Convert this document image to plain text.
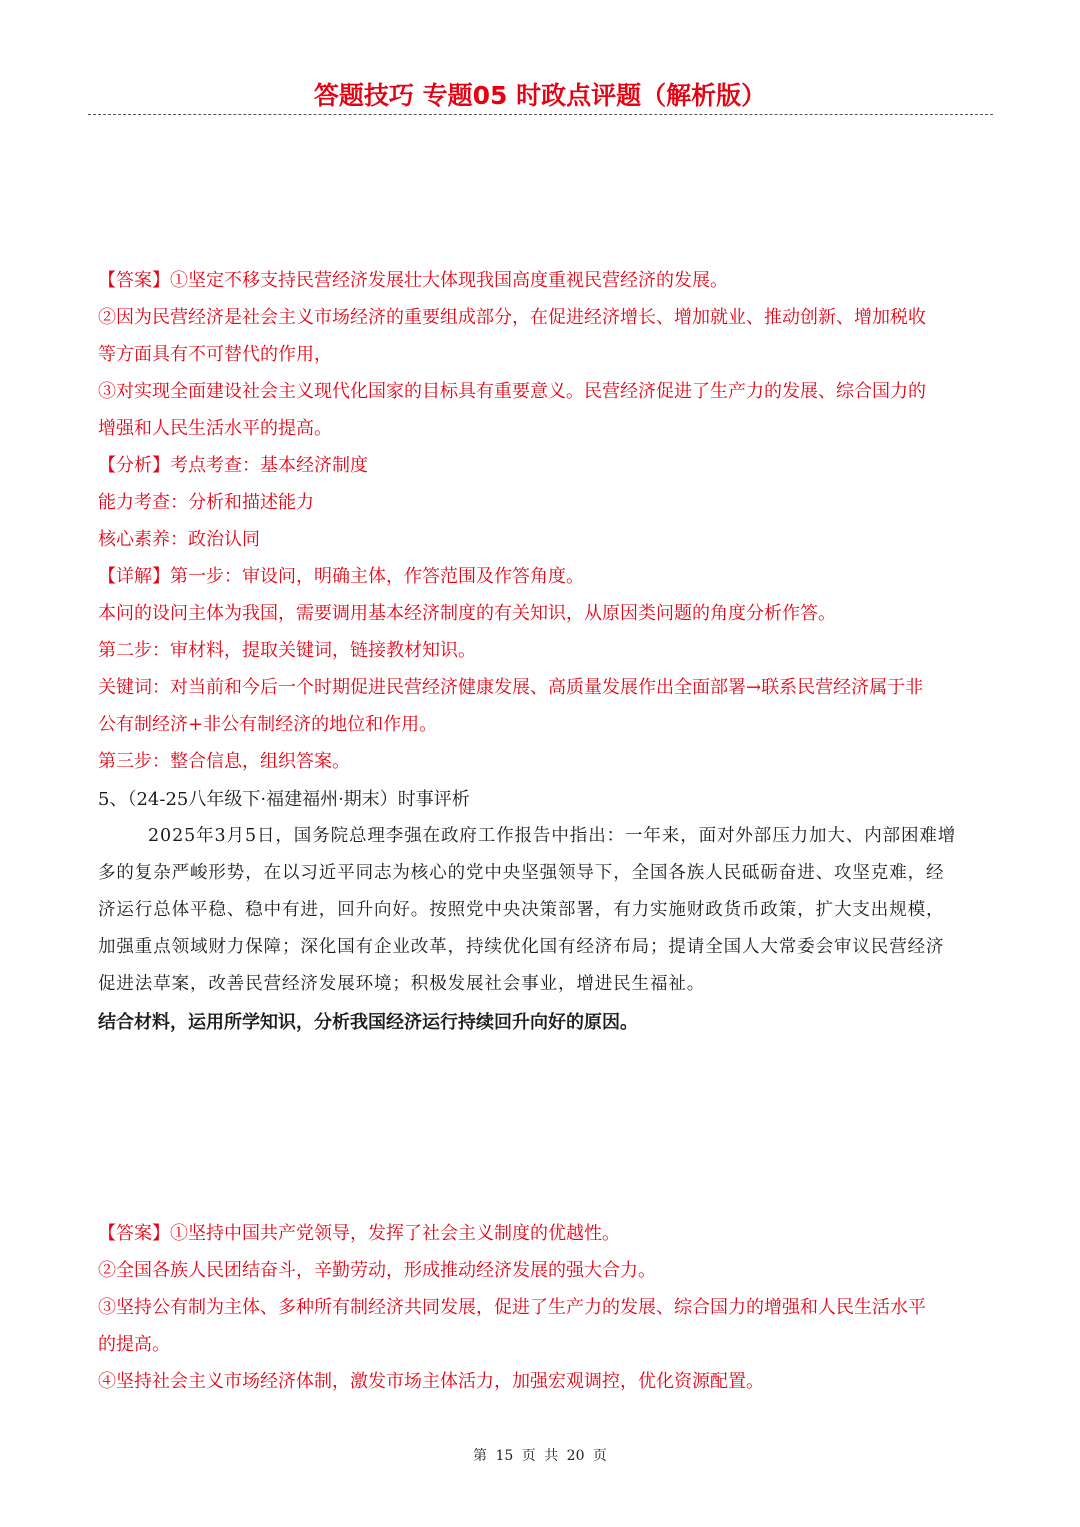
答题技巧 专题05 时政点评题（解析版）
【答案】①坚定不移支持民营经济发展壮大体现我国高度重视民营经济的发展。
②因为民营经济是社会主义市场经济的重要组成部分，在促进经济增长、增加就业、推动创新、增加税收
等方面具有不可替代的作用，
③对实现全面建设社会主义现代化国家的目标具有重要意义。民营经济促进了生产力的发展、综合国力的
增强和人民生活水平的提高。
【分析】考点考查：基本经济制度
能力考查：分析和描述能力
核心素养：政治认同
【详解】第一步：审设问，明确主体，作答范围及作答角度。
本问的设问主体为我国，需要调用基本经济制度的有关知识，从原因类问题的角度分析作答。
第二步：审材料，提取关键词，链接教材知识。
关键词：对当前和今后一个时期促进民营经济健康发展、高质量发展作出全面部署→联系民营经济属于非
公有制经济+非公有制经济的地位和作用。
第三步：整合信息，组织答案。
5、（24-25八年级下·福建福州·期末）时事评析
2025年3月5日，国务院总理李强在政府工作报告中指出：一年来，面对外部压力加大、内部困难增
多的复杂严峻形势，在以习近平同志为核心的党中央坚强领导下，全国各族人民砥砺奋进、攻坚克难，经
济运行总体平稳、稳中有进，回升向好。按照党中央决策部署，有力实施财政货币政策，扩大支出规模，
加强重点领域财力保障；深化国有企业改革，持续优化国有经济布局；提请全国人大常委会审议民营经济
促进法草案，改善民营经济发展环境；积极发展社会事业，增进民生福祉。
结合材料，运用所学知识，分析我国经济运行持续回升向好的原因。
【答案】①坚持中国共产党领导，发挥了社会主义制度的优越性。
②全国各族人民团结奋斗，辛勤劳动，形成推动经济发展的强大合力。
③坚持公有制为主体、多种所有制经济共同发展，促进了生产力的发展、综合国力的增强和人民生活水平
的提高。
④坚持社会主义市场经济体制，激发市场主体活力，加强宏观调控，优化资源配置。
第 15 页 共 20 页
